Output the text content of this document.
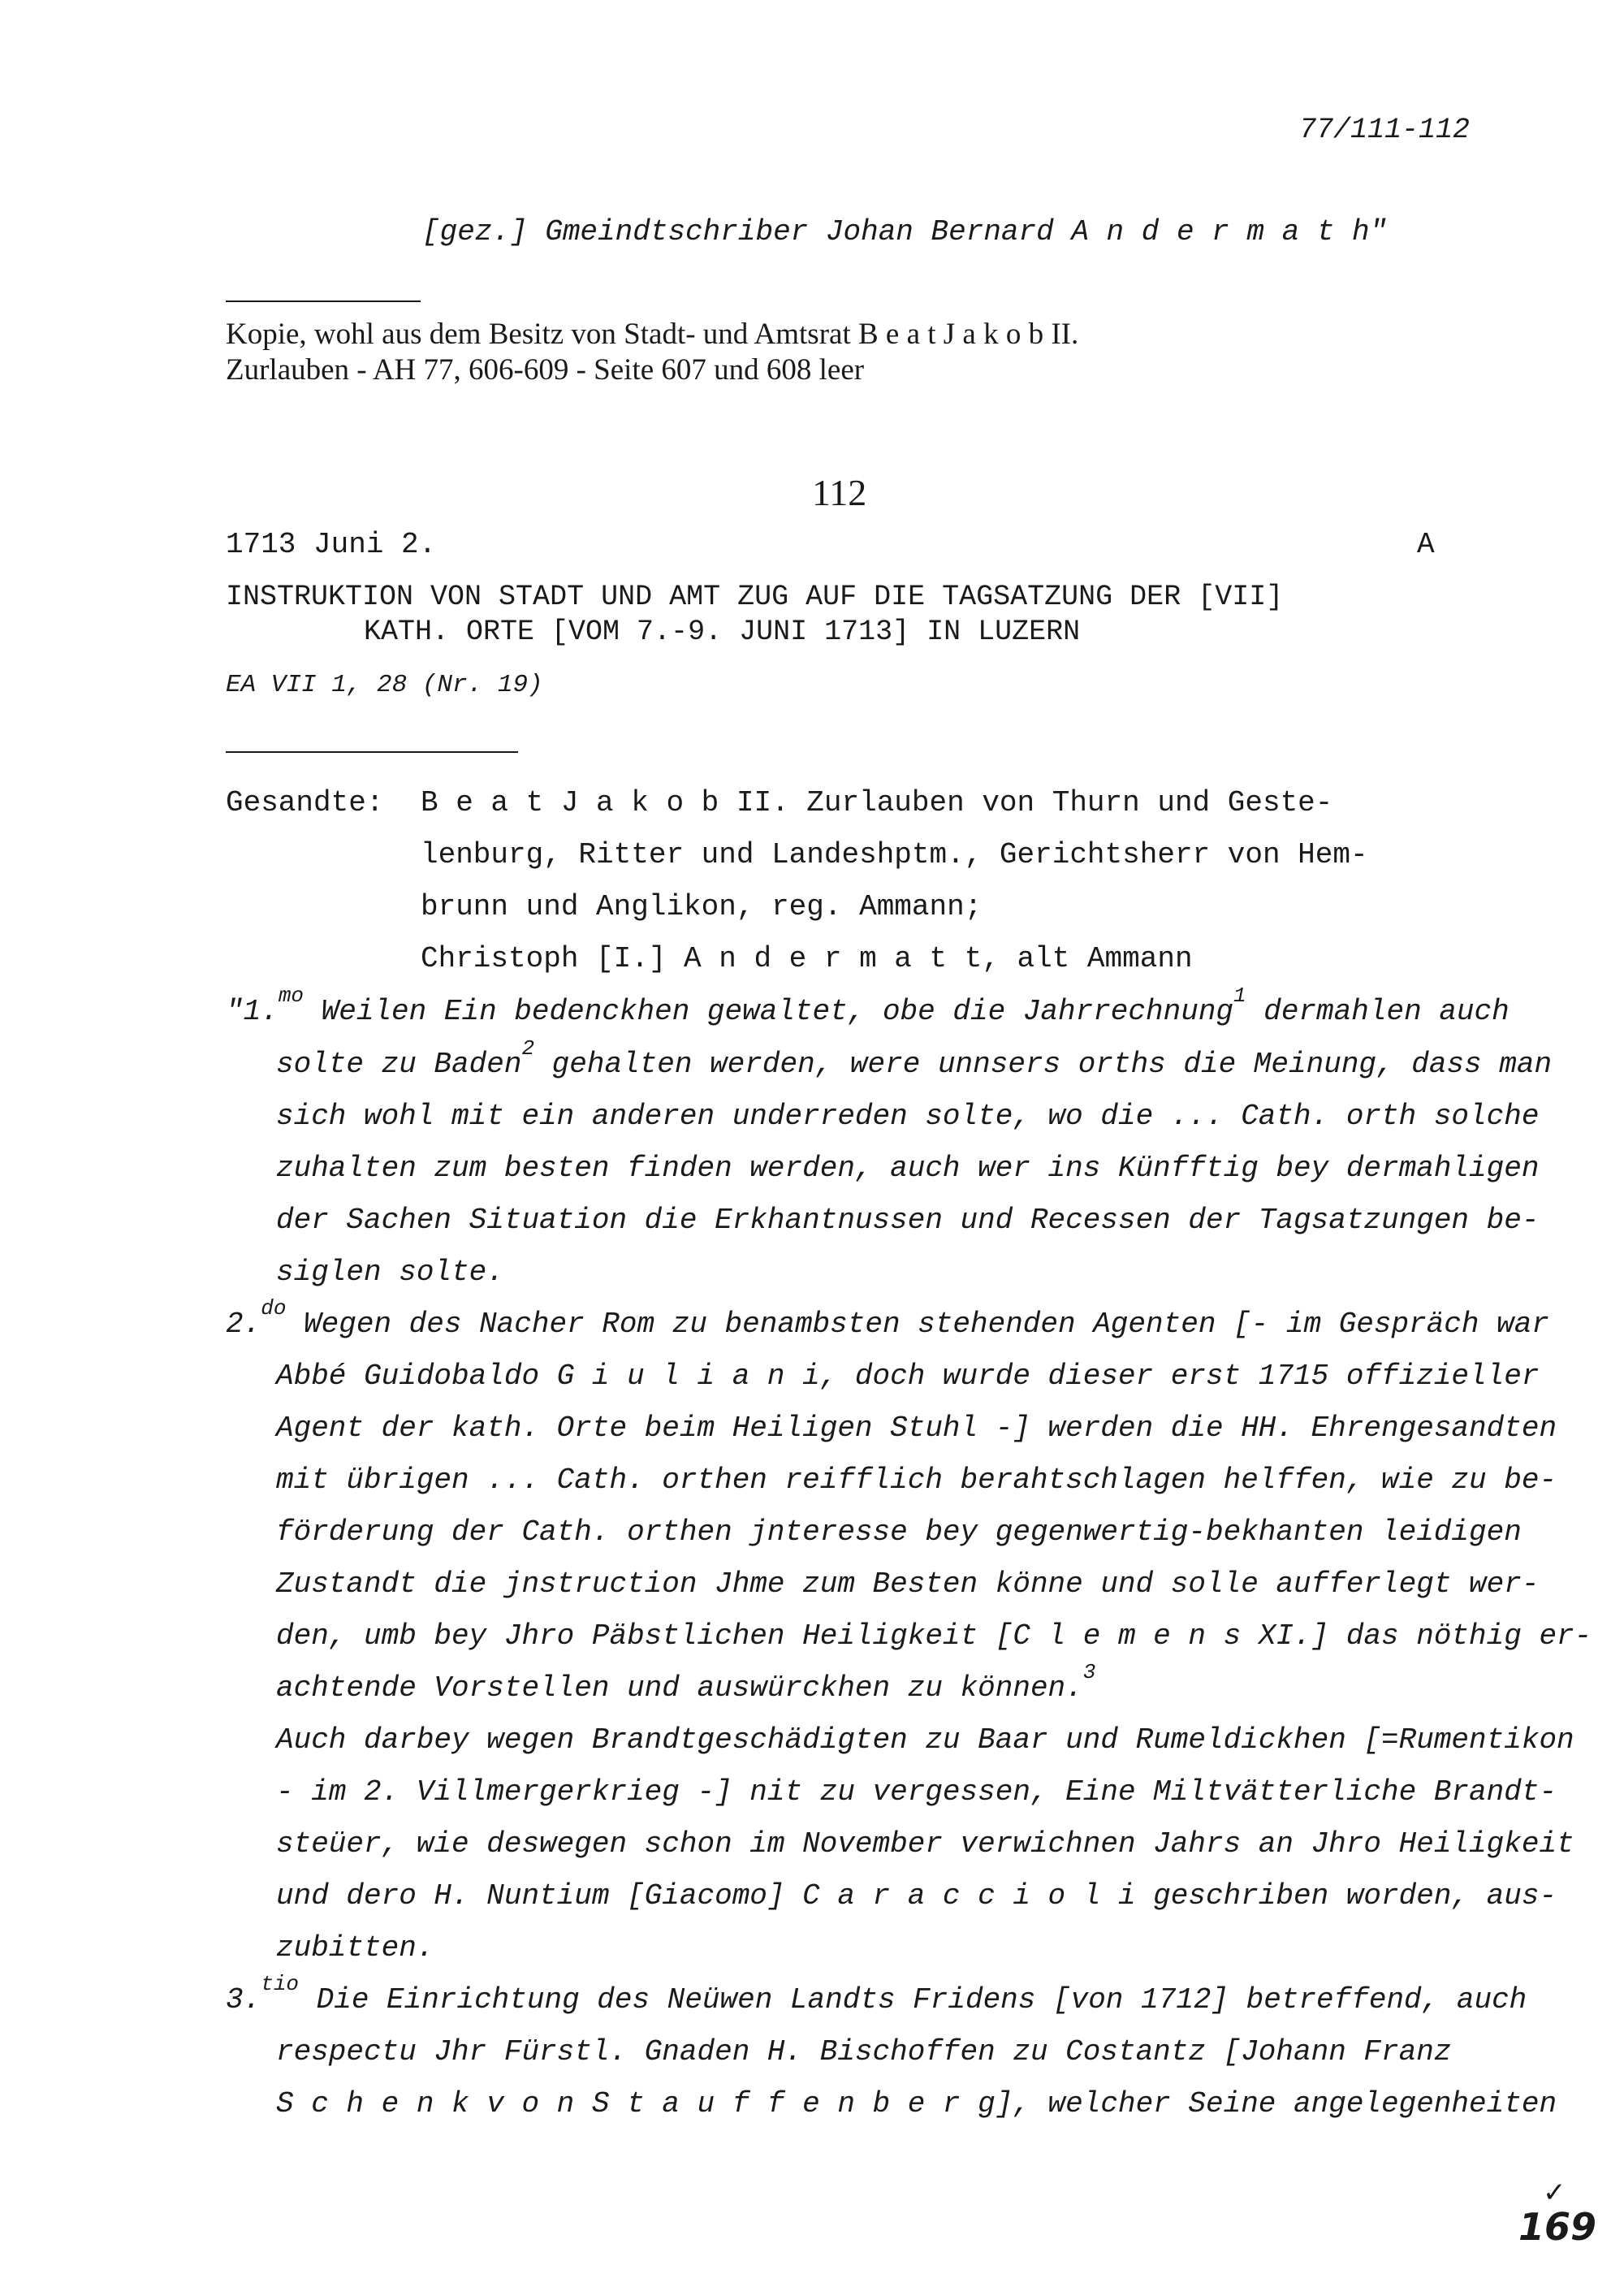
77/111-112
[gez.] Gmeindtschriber Johan Bernard A n d e r m a t h"
Kopie, wohl aus dem Besitz von Stadt- und Amtsrat B e a t J a k o b II.
Zurlauben - AH 77, 606-609 - Seite 607 und 608 leer
112
1713 Juni 2.	A
INSTRUKTION VON STADT UND AMT ZUG AUF DIE TAGSATZUNG DER [VII]
KATH. ORTE [VOM 7.-9. JUNI 1713] IN LUZERN
EA VII 1, 28 (Nr. 19)
Gesandte: B e a t J a k o b II. Zurlauben von Thurn und Geste-
lenburg, Ritter und Landeshptm., Gerichtsherr von Hem-
brunn und Anglikon, reg. Ammann;
Christoph [I.] A n d e r m a t t, alt Ammann
"1.$^{mo}$ Weilen Ein bedenckhen gewaltet, obe die Jahrrechnung$^1$ dermahlen auch
solte zu Baden$^2$ gehalten werden, were unnsers orths die Meinung, dass man
sich wohl mit ein anderen underreden solte, wo die ... Cath. orth solche
zuhalten zum besten finden werden, auch wer ins Künfftig bey dermahligen
der Sachen Situation die Erkhantnussen und Recessen der Tagsatzungen be-
siglen solte.
2.$^{do}$ Wegen des Nacher Rom zu benambsten stehenden Agenten [- im Gespräch war
Abbé Guidobaldo G i u l i a n i, doch wurde dieser erst 1715 offizieller
Agent der kath. Orte beim Heiligen Stuhl -] werden die HH. Ehrengesandten
mit übrigen ... Cath. orthen reifflich berahtschlagen helffen, wie zu be-
förderung der Cath. orthen jnteresse bey gegenwertig-bekhanten leidigen
Zustandt die jnstruction Jhme zum Besten könne und solle aufferlegt wer-
den, umb bey Jhro Päbstlichen Heiligkeit [C l e m e n s XI.] das nöthig er-
achtende Vorstellen und auswürckhen zu können.$^3$
Auch darbey wegen Brandtgeschädigten zu Baar und Rumeldickhen [=Rumentikon
- im 2. Villmergerkrieg -] nit zu vergessen, Eine Miltvätterliche Brandt-
steüer, wie deswegen schon im November verwichnen Jahrs an Jhro Heiligkeit
und dero H. Nuntium [Giacomo] C a r a c c i o l i geschriben worden, aus-
zubitten.
3.$^{tio}$ Die Einrichtung des Neüwen Landts Fridens [von 1712] betreffend, auch
respectu Jhr Fürstl. Gnaden H. Bischoffen zu Costantz [Johann Franz
S c h e n k v o n S t a u f f e n b e r g], welcher Seine angelegenheiten
✓
169
